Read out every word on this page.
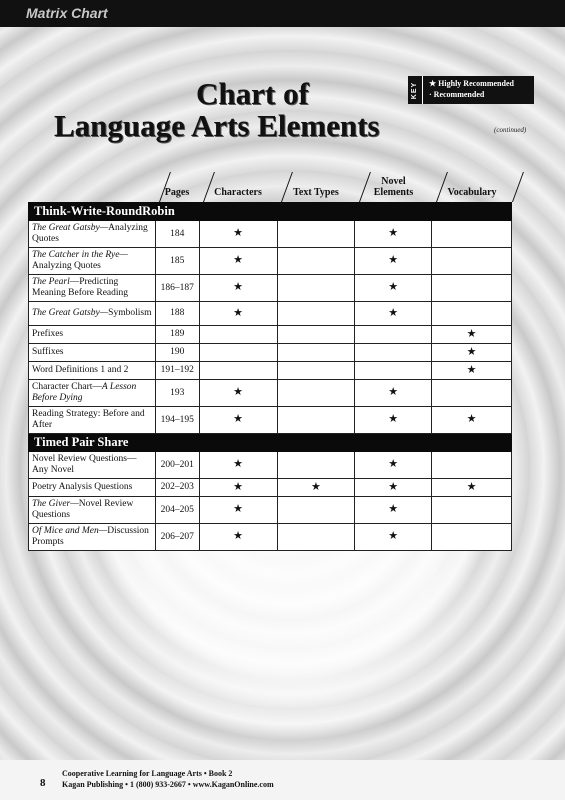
Matrix Chart
Chart of
Language Arts Elements	(continued)
KEY ★ Highly Recommended
· Recommended
Pages	Characters	Text Types
Novel Elements	Vocabulary
Think-Write-RoundRobin					
The Great Gatsby—Analyzing Quotes	184	★		★	
The Catcher in the Rye—Analyzing Quotes	185	★		★	
The Pearl—Predicting Meaning Before Reading	186–187	★		★	
The Great Gatsby—Symbolism	188	★		★	
Prefixes	189				★
Suffixes	190				★
Word Definitions 1 and 2	191–192				★
Character Chart—A Lesson Before Dying	193	★		★	
Reading Strategy: Before and After	194–195	★		★	★
Timed Pair Share					
Novel Review Questions— Any Novel	200–201	★		★	
Poetry Analysis Questions	202–203	★	★	★	★
The Giver—Novel Review Questions	204–205	★		★	
Of Mice and Men—Discussion Prompts	206–207	★		★	
8
Cooperative Learning for Language Arts • Book 2
Kagan Publishing • 1 (800) 933-2667 • www.KaganOnline.com
